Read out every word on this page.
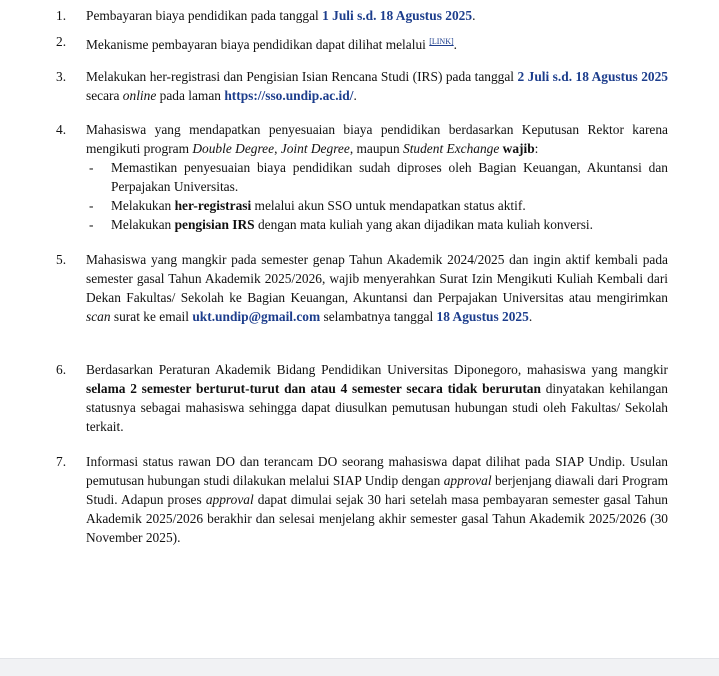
1. Pembayaran biaya pendidikan pada tanggal 1 Juli s.d. 18 Agustus 2025.
2. Mekanisme pembayaran biaya pendidikan dapat dilihat melalui [LINK].
3. Melakukan her-registrasi dan Pengisian Isian Rencana Studi (IRS) pada tanggal 2 Juli s.d. 18 Agustus 2025 secara online pada laman https://sso.undip.ac.id/.
4. Mahasiswa yang mendapatkan penyesuaian biaya pendidikan berdasarkan Keputusan Rektor karena mengikuti program Double Degree, Joint Degree, maupun Student Exchange wajib:
- Memastikan penyesuaian biaya pendidikan sudah diproses oleh Bagian Keuangan, Akuntansi dan Perpajakan Universitas.
- Melakukan her-registrasi melalui akun SSO untuk mendapatkan status aktif.
- Melakukan pengisian IRS dengan mata kuliah yang akan dijadikan mata kuliah konversi.
5. Mahasiswa yang mangkir pada semester genap Tahun Akademik 2024/2025 dan ingin aktif kembali pada semester gasal Tahun Akademik 2025/2026, wajib menyerahkan Surat Izin Mengikuti Kuliah Kembali dari Dekan Fakultas/ Sekolah ke Bagian Keuangan, Akuntansi dan Perpajakan Universitas atau mengirimkan scan surat ke email ukt.undip@gmail.com selambatnya tanggal 18 Agustus 2025.
6. Berdasarkan Peraturan Akademik Bidang Pendidikan Universitas Diponegoro, mahasiswa yang mangkir selama 2 semester berturut-turut dan atau 4 semester secara tidak berurutan dinyatakan kehilangan statusnya sebagai mahasiswa sehingga dapat diusulkan pemutusan hubungan studi oleh Fakultas/ Sekolah terkait.
7. Informasi status rawan DO dan terancam DO seorang mahasiswa dapat dilihat pada SIAP Undip. Usulan pemutusan hubungan studi dilakukan melalui SIAP Undip dengan approval berjenjang diawali dari Program Studi. Adapun proses approval dapat dimulai sejak 30 hari setelah masa pembayaran semester gasal Tahun Akademik 2025/2026 berakhir dan selesai menjelang akhir semester gasal Tahun Akademik 2025/2026 (30 November 2025).
